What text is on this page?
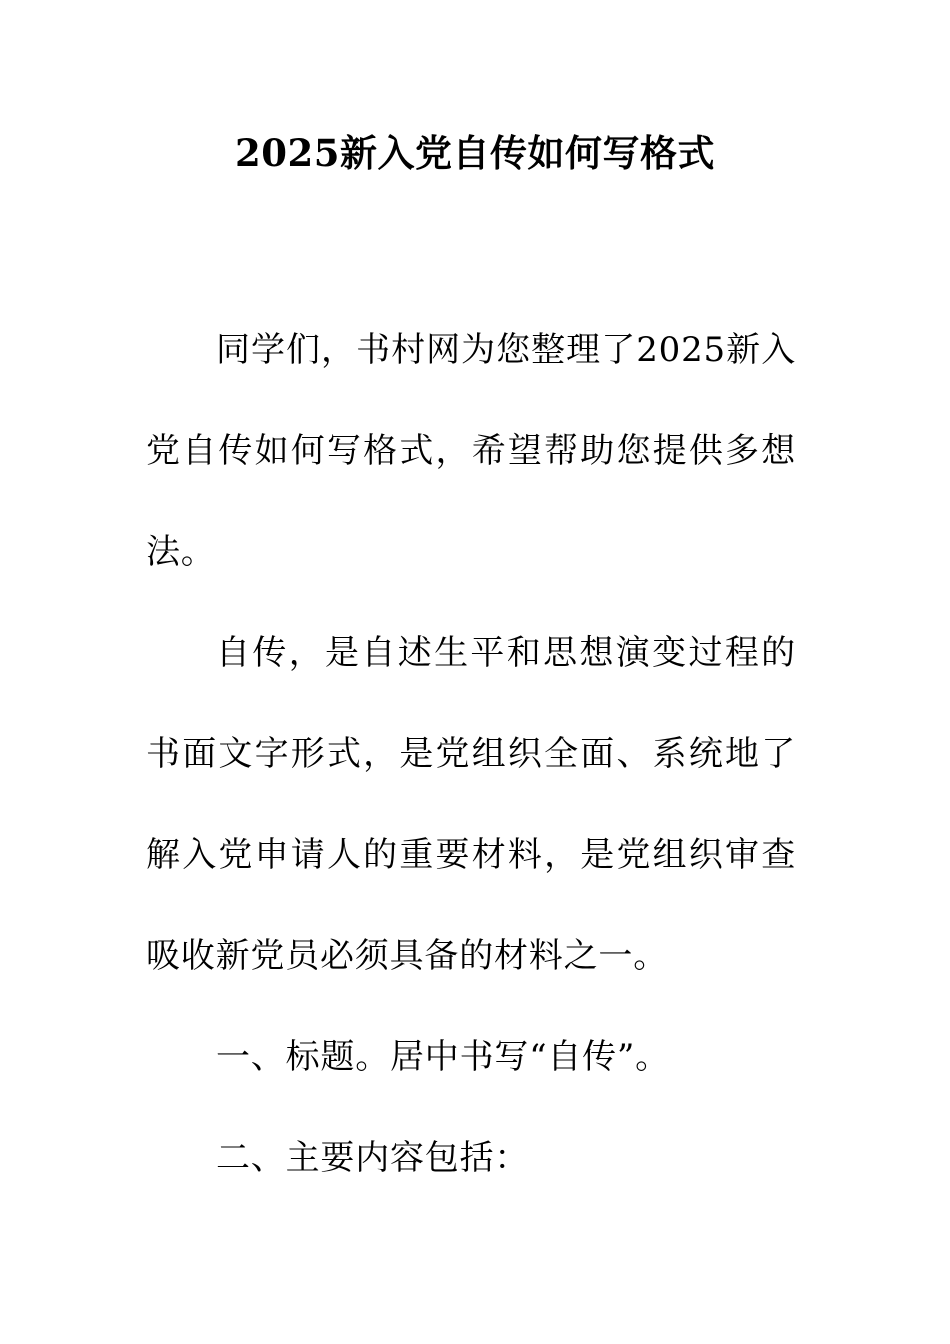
2025新入党自传如何写格式

同学们，书村网为您整理了2025新入党自传如何写格式，希望帮助您提供多想法。

自传，是自述生平和思想演变过程的书面文字形式，是党组织全面、系统地了解入党申请人的重要材料，是党组织审查吸收新党员必须具备的材料之一。

一、标题。居中书写“自传”。

二、主要内容包括：
